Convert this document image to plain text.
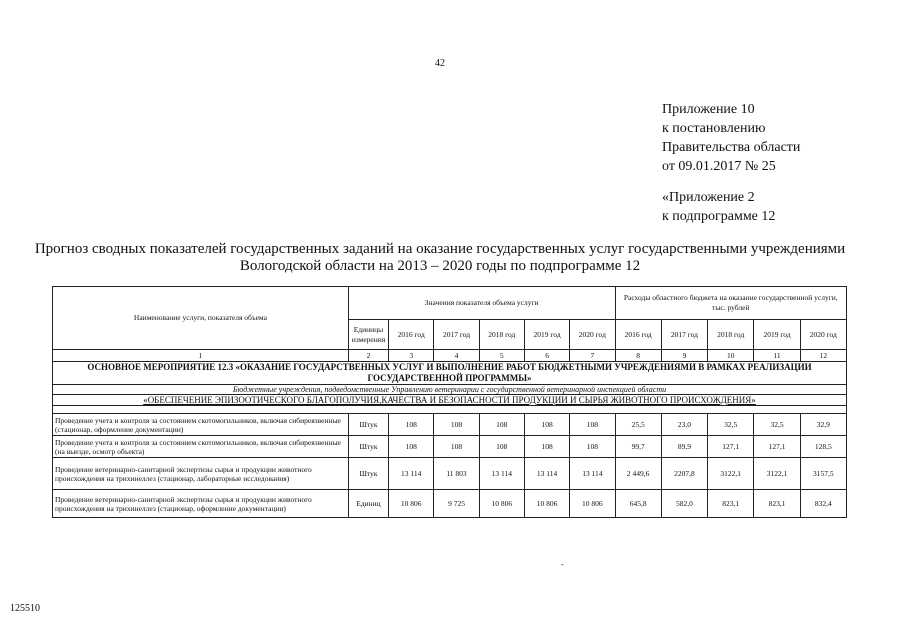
42
Приложение 10
к постановлению
Правительства области
от 09.01.2017 № 25
«Приложение 2
к подпрограмме 12
Прогноз сводных показателей государственных заданий на оказание государственных услуг государственными учреждениями
Вологодской области на 2013 – 2020 годы по подпрограмме 12
Наименование услуги, показателя объема	Значения показателя объема услуги						Расходы областного бюджета на оказание государственной услуги, тыс. рублей				
	Единицы измерения	2016 год	2017 год	2018 год	2019 год	2020 год	2016 год	2017 год	2018 год	2019 год	2020 год
1	2	3	4	5	6	7	8	9	10	11	12
ОСНОВНОЕ МЕРОПРИЯТИЕ 12.3 «ОКАЗАНИЕ ГОСУДАРСТВЕННЫХ УСЛУГ И ВЫПОЛНЕНИЕ РАБОТ БЮДЖЕТНЫМИ УЧРЕЖДЕНИЯМИ В РАМКАХ РЕАЛИЗАЦИИ ГОСУДАРСТВЕННОЙ ПРОГРАММЫ»											
Бюджетные учреждения, подведомственные Управлению ветеринарии с государственной ветеринарной инспекцией области											
«ОБЕСПЕЧЕНИЕ ЭПИЗООТИЧЕСКОГО БЛАГОПОЛУЧИЯ,КАЧЕСТВА И БЕЗОПАСНОСТИ ПРОДУКЦИИ И СЫРЬЯ ЖИВОТНОГО ПРОИСХОЖДЕНИЯ»											

Проведение учета и контроля за состоянием скотомогильников, включая сибиреязвенные (стационар, оформление документации)	Штук	108	108	108	108	108	25,5	23,0	32,5	32,5	32,9
Проведение учета и контроля за состоянием скотомогильников, включая сибиреязвенные (на выезде, осмотр объекта)	Штук	108	108	108	108	108	99,7	89,9	127,1	127,1	128,5
Проведение ветеринарно-санитарной экспертизы сырья и продукции животного происхождения на трихинеллез (стационар, лабораторные исследования)	Штук	13 114	11 803	13 114	13 114	13 114	2 449,6	2207,8	3122,1	3122,1	3157,5
Проведение ветеринарно-санитарной экспертизы сырья и продукции животного происхождения на трихинеллез (стационар, оформление документации)	Единиц	10 806	9 725	10 806	10 806	10 806	645,8	582,0	823,1	823,1	832,4
-
125510
